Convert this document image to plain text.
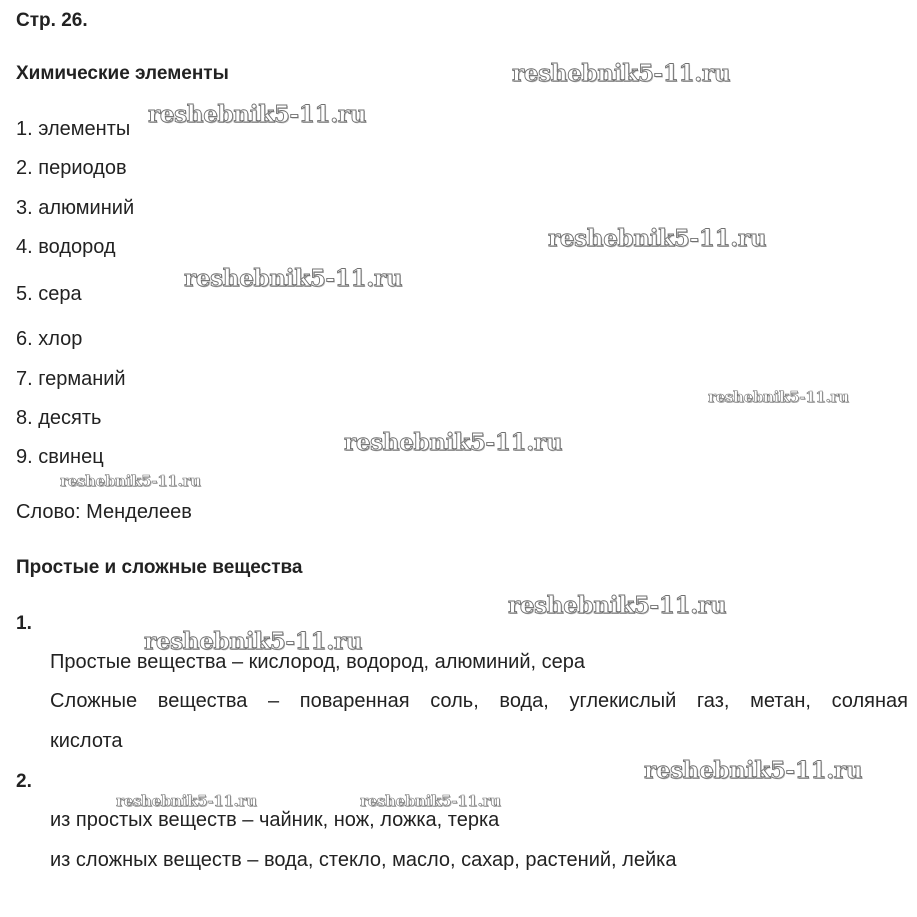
Стр. 26.
Химические элементы
1. элементы
2. периодов
3. алюминий
4. водород
5. сера
6. хлор
7. германий
8. десять
9. свинец
Слово: Менделеев
Простые и сложные вещества
1.
Простые вещества – кислород, водород, алюминий, сера
Сложные вещества – поваренная соль, вода, углекислый газ, метан, соляная
кислота
2.
из простых веществ – чайник, нож, ложка, терка
из сложных веществ – вода, стекло, масло, сахар, растений, лейка
reshebnik5-11.ru
reshebnik5-11.ru
reshebnik5-11.ru
reshebnik5-11.ru
reshebnik5-11.ru
reshebnik5-11.ru
reshebnik5-11.ru
reshebnik5-11.ru
reshebnik5-11.ru
reshebnik5-11.ru
reshebnik5-11.ru	reshebnik5-11.ru
